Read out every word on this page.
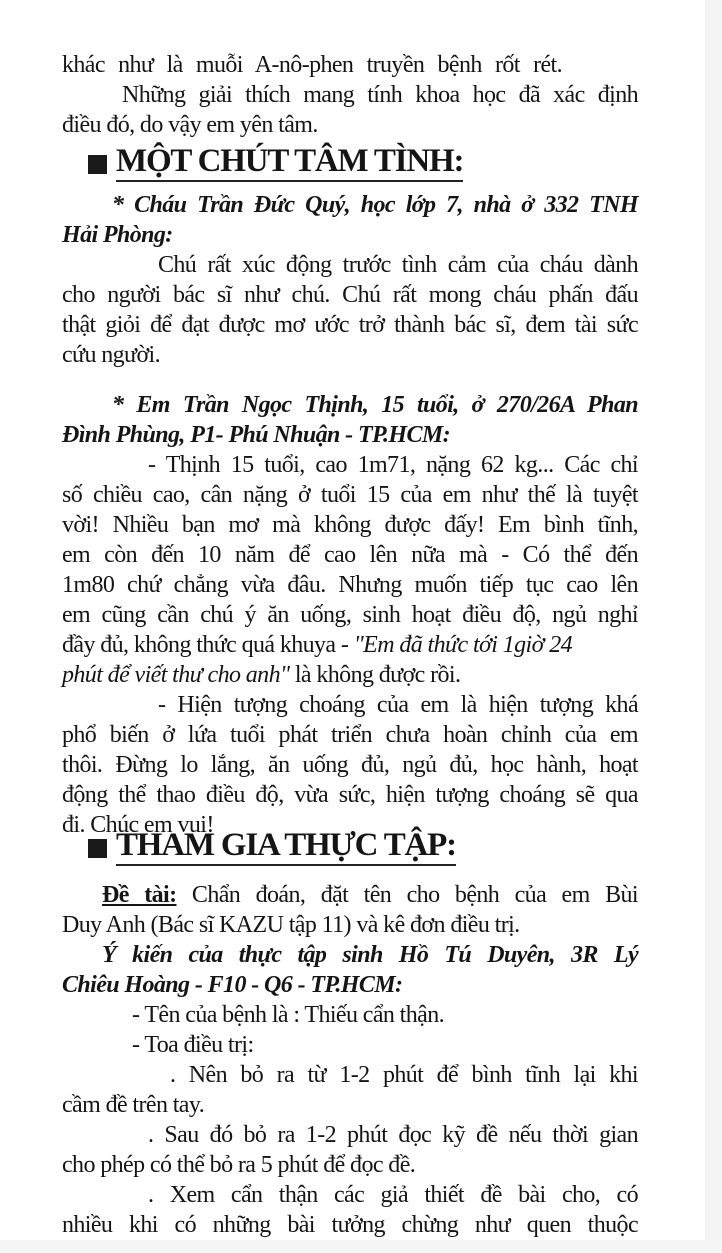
khác như là muỗi A-nô-phen truyền bệnh rốt rét.
Những giải thích mang tính khoa học đã xác định
điều đó, do vậy em yên tâm.
MỘT CHÚT TÂM TÌNH:
* Cháu Trần Đức Quý, học lớp 7, nhà ở 332 TNH
Hải Phòng:
Chú rất xúc động trước tình cảm của cháu dành
cho người bác sĩ như chú. Chú rất mong cháu phấn đấu
thật giỏi để đạt được mơ ước trở thành bác sĩ, đem tài sức
cứu người.
* Em Trần Ngọc Thịnh, 15 tuổi, ở 270/26A Phan
Đình Phùng, P1- Phú Nhuận - TP.HCM:
- Thịnh 15 tuổi, cao 1m71, nặng 62 kg... Các chỉ
số chiều cao, cân nặng ở tuổi 15 của em như thế là tuyệt
vời! Nhiều bạn mơ mà không được đấy! Em bình tĩnh,
em còn đến 10 năm để cao lên nữa mà - Có thể đến
1m80 chứ chẳng vừa đâu. Nhưng muốn tiếp tục cao lên
em cũng cần chú ý ăn uống, sinh hoạt điều độ, ngủ nghỉ
đầy đủ, không thức quá khuya - "Em đã thức tới 1giờ 24
phút để viết thư cho anh" là không được rồi.
- Hiện tượng choáng của em là hiện tượng khá
phổ biến ở lứa tuổi phát triển chưa hoàn chỉnh của em
thôi. Đừng lo lắng, ăn uống đủ, ngủ đủ, học hành, hoạt
động thể thao điều độ, vừa sức, hiện tượng choáng sẽ qua
đi. Chúc em vui!
THAM GIA THỰC TẬP:
Đề tài: Chẩn đoán, đặt tên cho bệnh của em Bùi
Duy Anh (Bác sĩ KAZU tập 11) và kê đơn điều trị.
Ý kiến của thực tập sinh Hồ Tú Duyên, 3R Lý
Chiêu Hoàng - F10 - Q6 - TP.HCM:
- Tên của bệnh là : Thiếu cẩn thận.
- Toa điều trị:
. Nên bỏ ra từ 1-2 phút để bình tĩnh lại khi
cầm đề trên tay.
. Sau đó bỏ ra 1-2 phút đọc kỹ đề nếu thời gian
cho phép có thể bỏ ra 5 phút để đọc đề.
. Xem cẩn thận các giả thiết đề bài cho, có
nhiều khi có những bài tưởng chừng như quen thuộc
